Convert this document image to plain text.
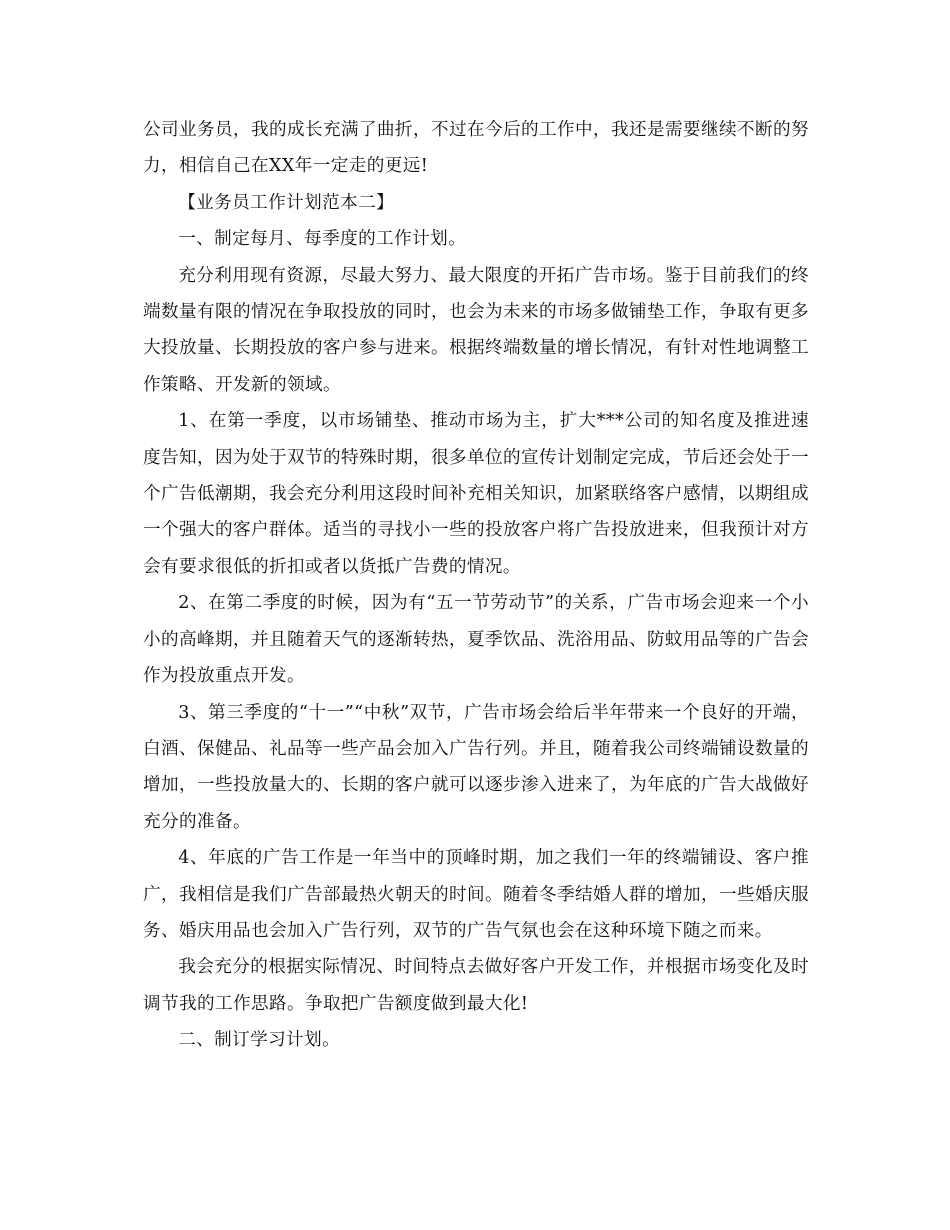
公司业务员，我的成长充满了曲折，不过在今后的工作中，我还是需要继续不断的努力，相信自己在XX年一定走的更远!

【业务员工作计划范本二】

一、制定每月、每季度的工作计划。

充分利用现有资源，尽最大努力、最大限度的开拓广告市场。鉴于目前我们的终端数量有限的情况在争取投放的同时，也会为未来的市场多做铺垫工作，争取有更多大投放量、长期投放的客户参与进来。根据终端数量的增长情况，有针对性地调整工作策略、开发新的领域。

1、在第一季度，以市场铺垫、推动市场为主，扩大***公司的知名度及推进速度告知，因为处于双节的特殊时期，很多单位的宣传计划制定完成，节后还会处于一个广告低潮期，我会充分利用这段时间补充相关知识，加紧联络客户感情，以期组成一个强大的客户群体。适当的寻找小一些的投放客户将广告投放进来，但我预计对方会有要求很低的折扣或者以货抵广告费的情况。

2、在第二季度的时候，因为有“五一节劳动节”的关系，广告市场会迎来一个小小的高峰期，并且随着天气的逐渐转热，夏季饮品、洗浴用品、防蚊用品等的广告会作为投放重点开发。

3、第三季度的“十一”“中秋”双节，广告市场会给后半年带来一个良好的开端，白酒、保健品、礼品等一些产品会加入广告行列。并且，随着我公司终端铺设数量的增加，一些投放量大的、长期的客户就可以逐步渗入进来了，为年底的广告大战做好充分的准备。

4、年底的广告工作是一年当中的顶峰时期，加之我们一年的终端铺设、客户推广，我相信是我们广告部最热火朝天的时间。随着冬季结婚人群的增加，一些婚庆服务、婚庆用品也会加入广告行列，双节的广告气氛也会在这种环境下随之而来。

我会充分的根据实际情况、时间特点去做好客户开发工作，并根据市场变化及时调节我的工作思路。争取把广告额度做到最大化!

二、制订学习计划。
